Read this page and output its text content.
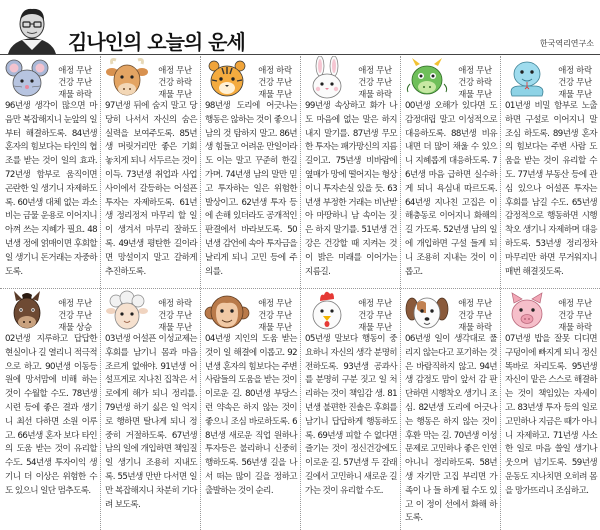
김나인의 오늘의 운세	한국역리연구소
애정 무난
건강 무난
재물 하락
96년생 생각이 많으면 마음만 복잡해지니 눈앞의 일부터 해결하도록. 84년생 혼자의 힘보다는 타인의 협조를 받는 것이 일의 효과. 72년생 함부로 움직이면 곤란한 일 생기니 자제하도록. 60년생 대체 없는 과소비는 금물 운용로 이어지니 아껴 쓰는 지혜가 필요. 48년생 정에 얽매이면 후회할 일 생기니 돈거래는 자중하도록.
애정 무난
건강 하락
재물 무난
97년생 뒤에 숨지 말고 당당히 나서서 자신의 숨은 실력을 보여주도록. 85년생 머릿거리만 좋은 기회 놓치게 되니 서두르는 것이 이득. 73년생 취업과 사업 사이에서 갈등하는 어설픈 투자는 자제하도록. 61년생 정리정저 마무리 할 일이 생겨서 마무리 잘하도록. 49년생 평탄한 길이라면 망설이지 말고 갈하게 추진하도록.
애정 하락
건강 무난
재물 무난
98년생 도리에 어긋나는 행동은 않하는 것이 좋으니 남의 것 탐하지 말고. 86년생 힘들고 어려운 만일이라도 이는 말고 꾸준히 한길 가며. 74년생 남의 말만 믿고 투자하는 일은 위험한 발상이고. 62년생 투자 등에 손해 있더라도 공개적인 판결에서 바라보도록. 50년생 감언에 속아 투자금을 날리게 되니 고민 등에 주의를.
애정 무난
건강 무난
재물 하락
99년생 속상하고 화가 나도 마음에 없는 말은 하지 내지 말기를. 87년생 무모한 투자는 패가망신의 지름길이고. 75년생 비바람에 옆매가 망에 떨어지는 형상이니 투자손실 있을 듯. 63년생 부정한 거래는 비난받아 마땅하니 남 속이는 짓은 하지 말기를. 51년생 건강은 건강할 때 지켜는 것이 밝은 미래를 이어가는 지름길.
애정 무난
건강 하락
재물 무난
00년생 오해가 있다면 도 감정대립 말고 이성적으로 대응하도록. 88년생 비유내면 더 많이 채울 수 있으니 지혜롭게 대응하도록. 76년생 마음 급하면 실수하게 되니 욕심내 따르도록. 64년생 지나친 고집은 이해충동로 이어지니 화해의 길 가도록. 52년생 남의 일에 개입하면 구설 들게 되니 조용히 지내는 것이 이롭고.
애정 하락
건강 무난
재물 무난
01년생 비밀 함부로 노출하면 구설로 이어지니 말 조심 하도록. 89년생 혼자의 힘보다는 주변 사람 도움을 받는 것이 유리할 수도. 77년생 부동산 등에 관심 있으나 어설픈 투자는 후회를 남길 수도. 65년생 감정적으로 행동하면 시행착오 생기니 자제하며 대응하도록. 53년생 정리정차 마무리만 하면 무거워지니 매번 해결짓도록.
애정 무난
건강 무난
재물 상승
02년생 지루하고 답답한 현실이나 길 열리니 적극적으로 하고. 90년생 이동등원에 망서맘에 비해 하는 것이 수월할 수도. 78년생 시련 등에 좋은 결과 생기니 최선 다하면 소원 이루고. 66년생 혼자 보다 타인의 도움 받는 것이 유리할 수도. 54년생 투자이익 생기니 더 이상은 위험한 수도 있으니 일단 멈추도록.
애정 하락
건강 무난
재물 무난
03년생 어설픈 이성교제는 후회를 남기니 몸과 마음 조르게 없애야. 91년생 어설프게로 지나친 집착은 서로에게 해가 되니 정리를. 79년생 하기 싫은 일 억지로 행하면 탈나게 되니 정중히 거절하도록. 67년생 남의 일에 개입하면 책임질 일 생기니 조용히 지내도록. 55년생 만반 다서면 일만 복잡해지니 차분히 기다려 보도록.
애정 무난
건강 무난
재물 무난
04년생 지인의 도움 받는 것이 일 해결에 이롭고. 92년생 혼자의 힘보다는 주변 사람들의 도움을 받는 것이 이로운 길. 80년생 부당스런 약속은 하지 않는 것이 좋으니 조심 바로하도록. 68년생 새로운 직업 원하나 투자등은 불리하니 신중히 행하도록. 56년생 길을 나서 떠는 많이 길을 정하고 출발하는 것이 순리.
애정 무난
건강 무난
재물 무난
05년생 말보다 행동이 중요하니 자신의 생각 분명히 전하도록. 93년생 공과사를 분명히 구분 짓고 일 처리하는 것이 책임감 생. 81년생 불편한 진솔은 후회를 남기니 답답하게 행동하도록. 69년생 피할 수 없다면 즐기는 것이 정신건강에도 이로운 길. 57년생 두 갈래 길에서 고민하니 새로운 길 가는 것이 유리할 수도.
애정 무난
건강 무난
재물 하락
06년생 일이 생각대로 풀리지 않는다고 포기하는 것은 바람직하지 않고. 94년생 감정도 맘이 앞서 감 판단하면 시행착오 생기니 조심. 82년생 도리에 어긋나는 행동은 하지 않는 것이 후환 막는 길. 70년생 이성문제로 고민하나 좋은 인연 아니니 정리하도록. 58년생 자기만 고집 부리면 가족이 나 들 하게 될 수도 있고 이 정이 선에서 화해 하도록.
애정 무난
건강 무난
재물 하락
07년생 밥을 잘못 디디면 구덩이에 빠지게 되니 정신 똑바로 차리도록. 95년생 자신이 맡은 스스로 해결하는 것이 책임있는 자세이고. 83년생 투자 등의 일로 고민하나 지금은 때가 아니니 자제하고. 71년생 사소한 일로 마음 쓸일 생기나 웃으며 넘기도록. 59년생 운동도 지나치면 오히려 몸을 망가뜨리니 조심하고.
